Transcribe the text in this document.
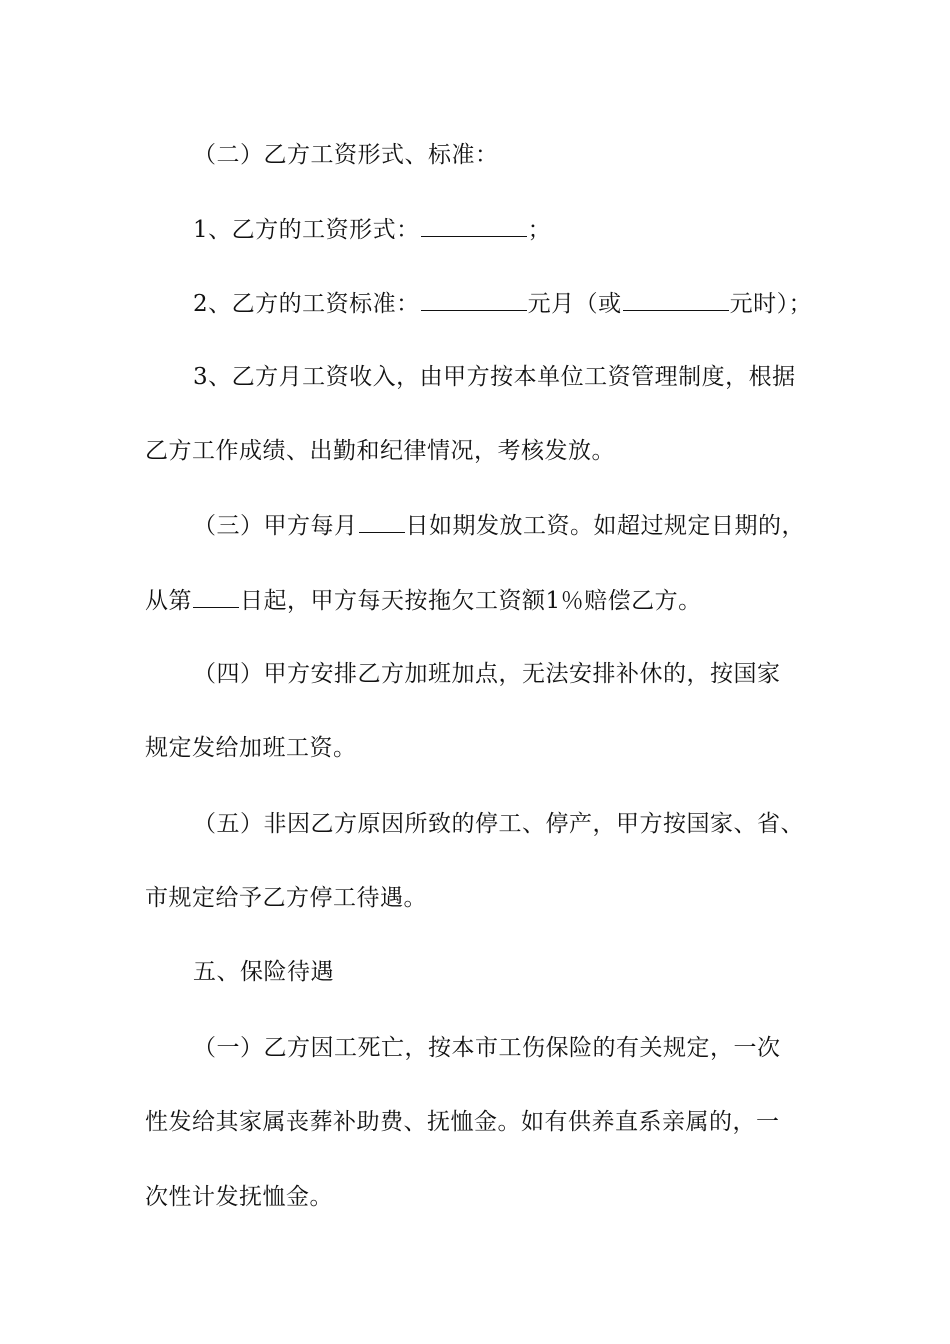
（二）乙方工资形式、标准：
1、乙方的工资形式：	；
2、乙方的工资标准：	元月（或	元时）；
3、乙方月工资收入，由甲方按本单位工资管理制度，根据
乙方工作成绩、出勤和纪律情况，考核发放。
（三）甲方每月 日如期发放工资。如超过规定日期的，
从第 日起，甲方每天按拖欠工资额1％赔偿乙方。
（四）甲方安排乙方加班加点，无法安排补休的，按国家
规定发给加班工资。
（五）非因乙方原因所致的停工、停产，甲方按国家、省、
市规定给予乙方停工待遇。
五、保险待遇
（一）乙方因工死亡，按本市工伤保险的有关规定，一次
性发给其家属丧葬补助费、抚恤金。如有供养直系亲属的，一
次性计发抚恤金。
